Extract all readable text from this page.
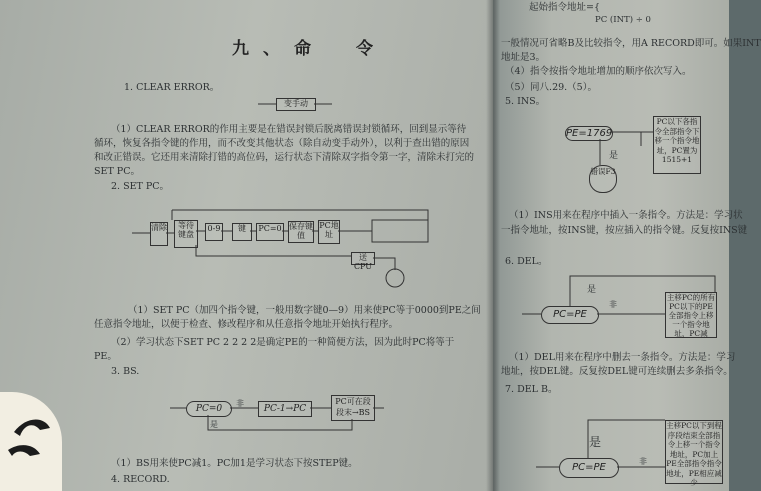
九、命　令
1. CLEAR ERROR。
变手动
（1）CLEAR ERROR的作用主要是在错误封锁后脱离错误封锁循环，回到显示等待
循环，恢复各指令键的作用，而不改变其他状态（除自动变手动外），以利于查出错的原因
和改正错误。它还用来清除打错的高位码，运行状态下清除双字指令第一字，清除未打完的
SET PC。
2. SET PC。
清除	等待键盘
0-9	键	PC=0 保存键值
PC地址
送CPU
（1）SET PC（加四个指令键，一般用数字键0—9）用来使PC等于0000到PE之间
任意指令地址，以便于检查、修改程序和从任意指令地址开始执行程序。
（2）学习状态下SET PC 2 2 2 2是确定PE的一种简便方法，因为此时PC将等于
PE。
3. BS.
PC=0	PC-1→PC
PC可在段段末→BS
非
是
（1）BS用来使PC减1。PC加1是学习状态下按STEP键。
4. RECORD.
起始指令地址={
PC (INT) ÷ 0
一般情况可省略B及比较指令，用A RECORD即可。如果INT
地址是3。
（4）指令按指令地址增加的顺序依次写入。
（5）同八.29.（5）。
5. INS。
PE=1769
PC以下各指令全部指令下移一个指令地址，PC置为1515+1
错误F3
是
（1）INS用来在程序中插入一条指令。方法是：学习状
一指令地址，按INS键，按应插入的指令键。反复按INS键
6. DEL。
PC=PE
主移PC的所有PC以下的PE全部指令上移一个指令地址，PC减
是
非
（1）DEL用来在程序中删去一条指令。方法是：学习
地址，按DEL键。反复按DEL键可连续删去多条指令。
7. DEL B。
PC=PE
主移PC以下到程序段结束全部指令上移一个指令地址，PC加上PE全部指令指令地址，PE相应减少
是
非
